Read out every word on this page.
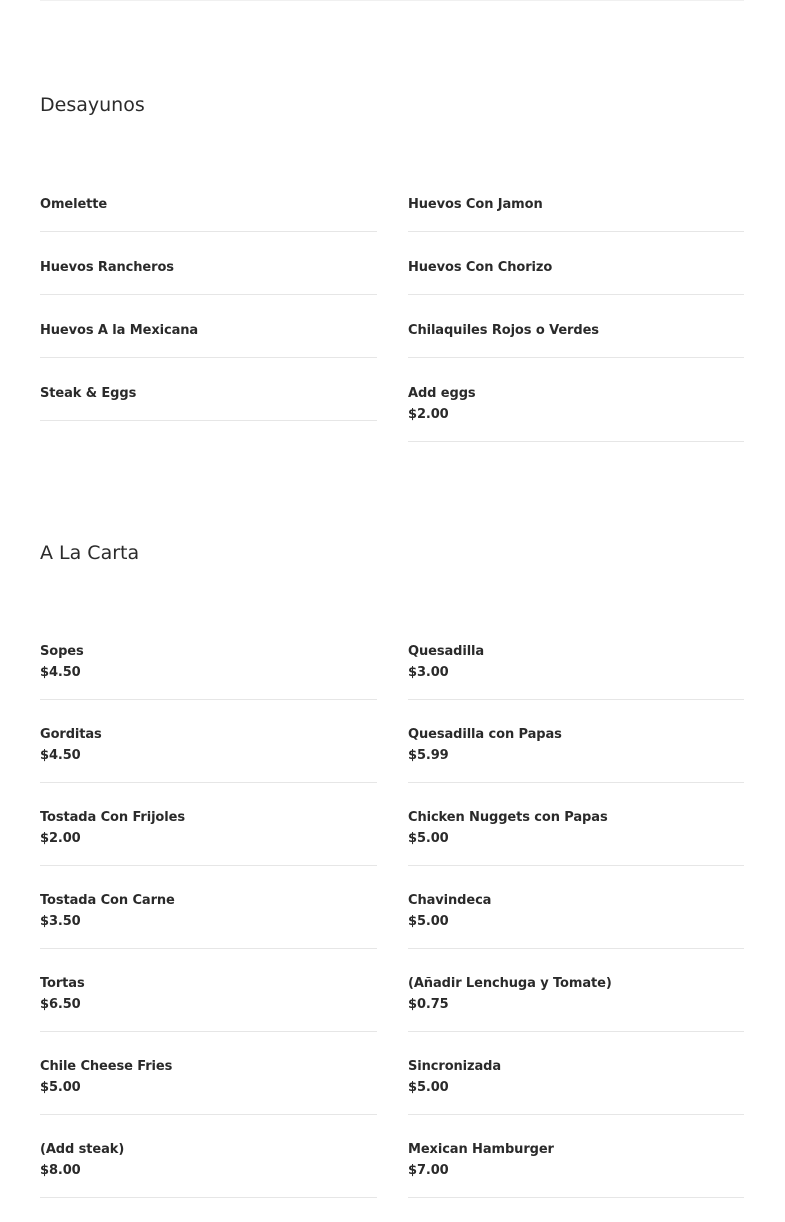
Desayunos
Omelette
Huevos Rancheros
Huevos A la Mexicana
Steak & Eggs
Huevos Con Jamon
Huevos Con Chorizo
Chilaquiles Rojos o Verdes
Add eggs
$2.00
A La Carta
Sopes
$4.50
Gorditas
$4.50
Tostada Con Frijoles
$2.00
Tostada Con Carne
$3.50
Tortas
$6.50
Chile Cheese Fries
$5.00
(Add steak)
$8.00
Quesadilla
$3.00
Quesadilla con Papas
$5.99
Chicken Nuggets con Papas
$5.00
Chavindeca
$5.00
(Añadir Lenchuga y Tomate)
$0.75
Sincronizada
$5.00
Mexican Hamburger
$7.00
